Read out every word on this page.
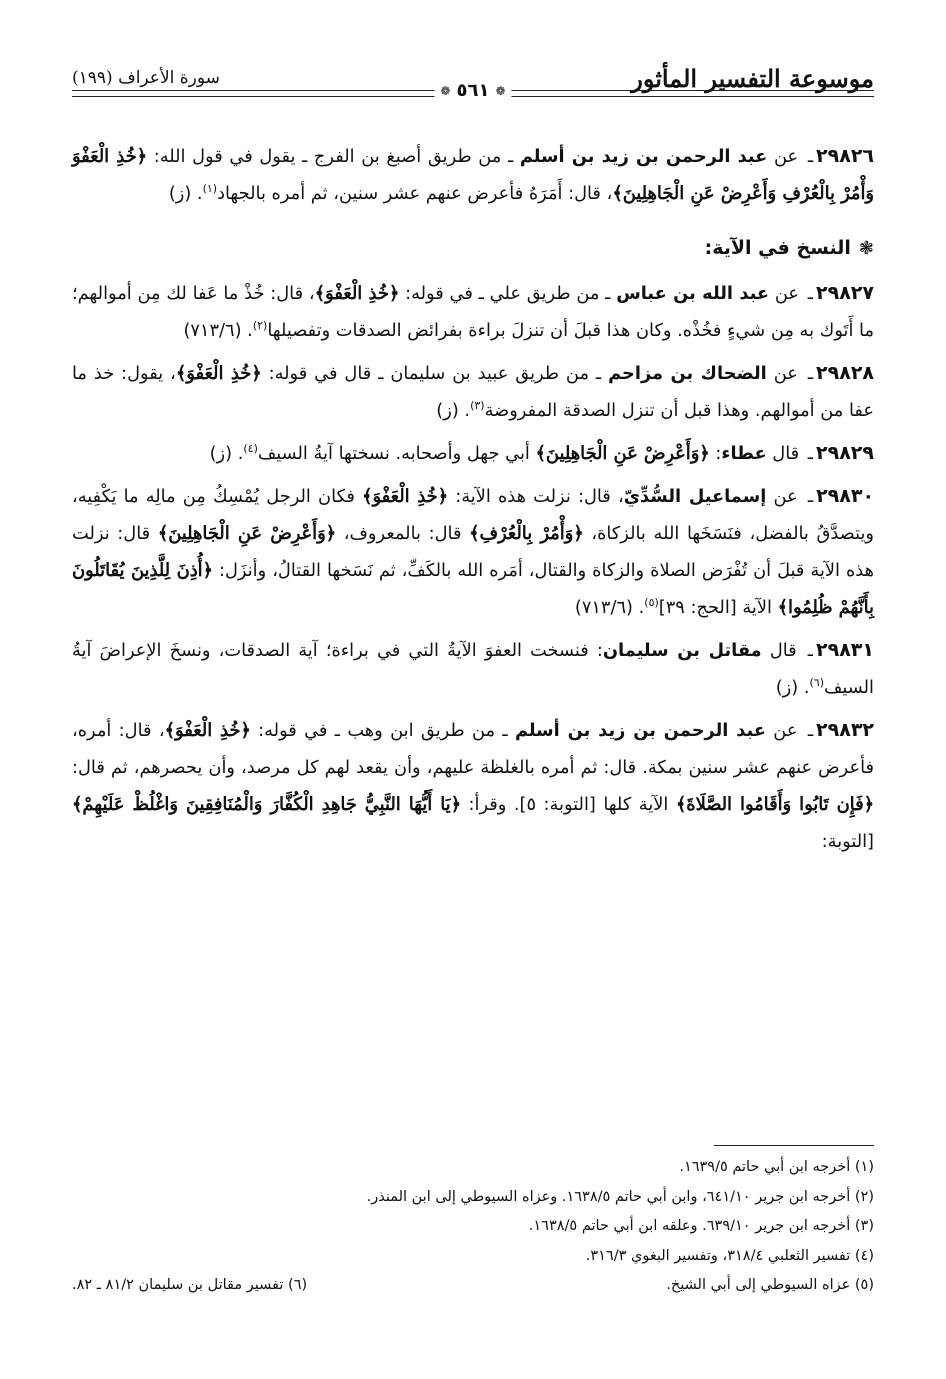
موسوعة التفسير المأثور
سورة الأعراف (١٩٩)
❁
٥٦١
❁

٢٩٨٢٦ـ عن عبد الرحمن بن زيد بن أسلم ـ من طريق أصبغ بن الفرج ـ يقول في قول الله: ﴿خُذِ الْعَفْوَ وَأْمُرْ بِالْعُرْفِ وَأَعْرِضْ عَنِ الْجَاهِلِينَ﴾، قال: أَمَرَهُ فأعرض عنهم عشر سنين، ثم أمره بالجهاد$^{(١)}$. (ز)

❃
النسخ في الآية:

٢٩٨٢٧ـ عن عبد الله بن عباس ـ من طريق علي ـ في قوله: ﴿خُذِ الْعَفْوَ﴾، قال: خُذْ ما عَفا لك مِن أموالهم؛ ما أَتَوك به مِن شيءٍ فخُذْه. وكان هذا قبلَ أن تنزلَ براءة بفرائض الصدقات وتفصيلها$^{(٢)}$. (٧١٣/٦)

٢٩٨٢٨ـ عن الضحاك بن مزاحم ـ من طريق عبيد بن سليمان ـ قال في قوله: ﴿خُذِ الْعَفْوَ﴾، يقول: خذ ما عفا من أموالهم. وهذا قبل أن تنزل الصدقة المفروضة$^{(٣)}$. (ز)

٢٩٨٢٩ـ قال عطاء: ﴿وَأَعْرِضْ عَنِ الْجَاهِلِينَ﴾ أبي جهل وأصحابه. نسختها آيةُ السيف$^{(٤)}$. (ز)

٢٩٨٣٠ـ عن إسماعيل السُّدِّيّ، قال: نزلت هذه الآية: ﴿خُذِ الْعَفْوَ﴾ فكان الرجل يُمْسِكُ مِن مالِه ما يَكْفِيه، ويتصدَّقُ بالفضل، فنَسَخَها الله بالزكاة، ﴿وَأْمُرْ بِالْعُرْفِ﴾ قال: بالمعروف، ﴿وَأَعْرِضْ عَنِ الْجَاهِلِينَ﴾ قال: نزلت هذه الآية قبلَ أن تُفْرَض الصلاة والزكاة والقتال، أمَره الله بالكَفِّ، ثم نَسَخها القتالُ، وأنزَل: ﴿أُذِنَ لِلَّذِينَ يُقَاتَلُونَ بِأَنَّهُمْ ظُلِمُوا﴾ الآية [الحج: ٣٩]$^{(٥)}$. (٧١٣/٦)

٢٩٨٣١ـ قال مقاتل بن سليمان: فنسخت العفوَ الآيةُ التي في براءة؛ آية الصدقات، ونسخَ الإعراضَ آيةُ السيف$^{(٦)}$. (ز)

٢٩٨٣٢ـ عن عبد الرحمن بن زيد بن أسلم ـ من طريق ابن وهب ـ في قوله: ﴿خُذِ الْعَفْوَ﴾، قال: أمره، فأعرض عنهم عشر سنين بمكة. قال: ثم أمره بالغلظة عليهم، وأن يقعد لهم كل مرصد، وأن يحصرهم، ثم قال: ﴿فَإِن تَابُوا وَأَقَامُوا الصَّلَاةَ﴾ الآية كلها [التوبة: ٥]. وقرأ: ﴿يَا أَيُّهَا النَّبِيُّ جَاهِدِ الْكُفَّارَ وَالْمُنَافِقِينَ وَاغْلُظْ عَلَيْهِمْ﴾ [التوبة:

(١) أخرجه ابن أبي حاتم ١٦٣٩/٥.

(٢) أخرجه ابن جرير ٦٤١/١٠، وابن أبي حاتم ١٦٣٨/٥. وعزاه السيوطي إلى ابن المنذر.

(٣) أخرجه ابن جرير ٦٣٩/١٠. وعلقه ابن أبي حاتم ١٦٣٨/٥.

(٤) تفسير الثعلبي ٣١٨/٤، وتفسير البغوي ٣١٦/٣.

(٥) عزاه السيوطي إلى أبي الشيخ.
(٦) تفسير مقاتل بن سليمان ٨١/٢ ـ ٨٢.
